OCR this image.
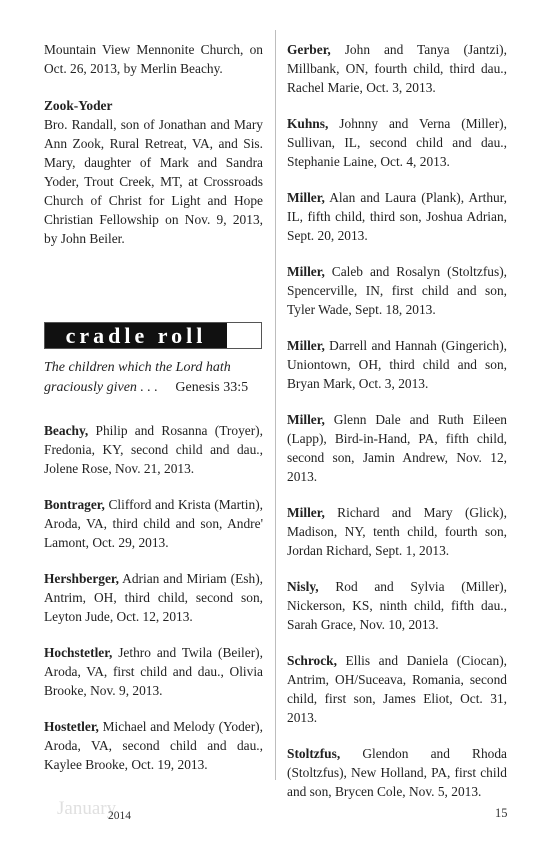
Mountain View Mennonite Church, on Oct. 26, 2013, by Merlin Beachy.

Zook-Yoder

Bro. Randall, son of Jonathan and Mary Ann Zook, Rural Retreat, VA, and Sis. Mary, daughter of Mark and Sandra Yoder, Trout Creek, MT, at Crossroads Church of Christ for Light and Hope Christian Fellowship on Nov. 9, 2013, by John Beiler.

cradle roll
The children which the Lord hath graciously given . . . Genesis 33:5

Beachy, Philip and Rosanna (Troyer), Fredonia, KY, second child and dau., Jolene Rose, Nov. 21, 2013.

Bontrager, Clifford and Krista (Martin), Aroda, VA, third child and son, Andre' Lamont, Oct. 29, 2013.

Hershberger, Adrian and Miriam (Esh), Antrim, OH, third child, second son, Leyton Jude, Oct. 12, 2013.

Hochstetler, Jethro and Twila (Beiler), Aroda, VA, first child and dau., Olivia Brooke, Nov. 9, 2013.

Hostetler, Michael and Melody (Yoder), Aroda, VA, second child and dau., Kaylee Brooke, Oct. 19, 2013.

Gerber, John and Tanya (Jantzi), Millbank, ON, fourth child, third dau., Rachel Marie, Oct. 3, 2013.

Kuhns, Johnny and Verna (Miller), Sullivan, IL, second child and dau., Stephanie Laine, Oct. 4, 2013.

Miller, Alan and Laura (Plank), Arthur, IL, fifth child, third son, Joshua Adrian, Sept. 20, 2013.

Miller, Caleb and Rosalyn (Stoltzfus), Spencerville, IN, first child and son, Tyler Wade, Sept. 18, 2013.

Miller, Darrell and Hannah (Gingerich), Uniontown, OH, third child and son, Bryan Mark, Oct. 3, 2013.

Miller, Glenn Dale and Ruth Eileen (Lapp), Bird-in-Hand, PA, fifth child, second son, Jamin Andrew, Nov. 12, 2013.

Miller, Richard and Mary (Glick), Madison, NY, tenth child, fourth son, Jordan Richard, Sept. 1, 2013.

Nisly, Rod and Sylvia (Miller), Nickerson, KS, ninth child, fifth dau., Sarah Grace, Nov. 10, 2013.

Schrock, Ellis and Daniela (Ciocan), Antrim, OH/Suceava, Romania, second child, first son, James Eliot, Oct. 31, 2013.

Stoltzfus, Glendon and Rhoda (Stoltzfus), New Holland, PA, first child and son, Brycen Cole, Nov. 5, 2013.

January
2014	15
